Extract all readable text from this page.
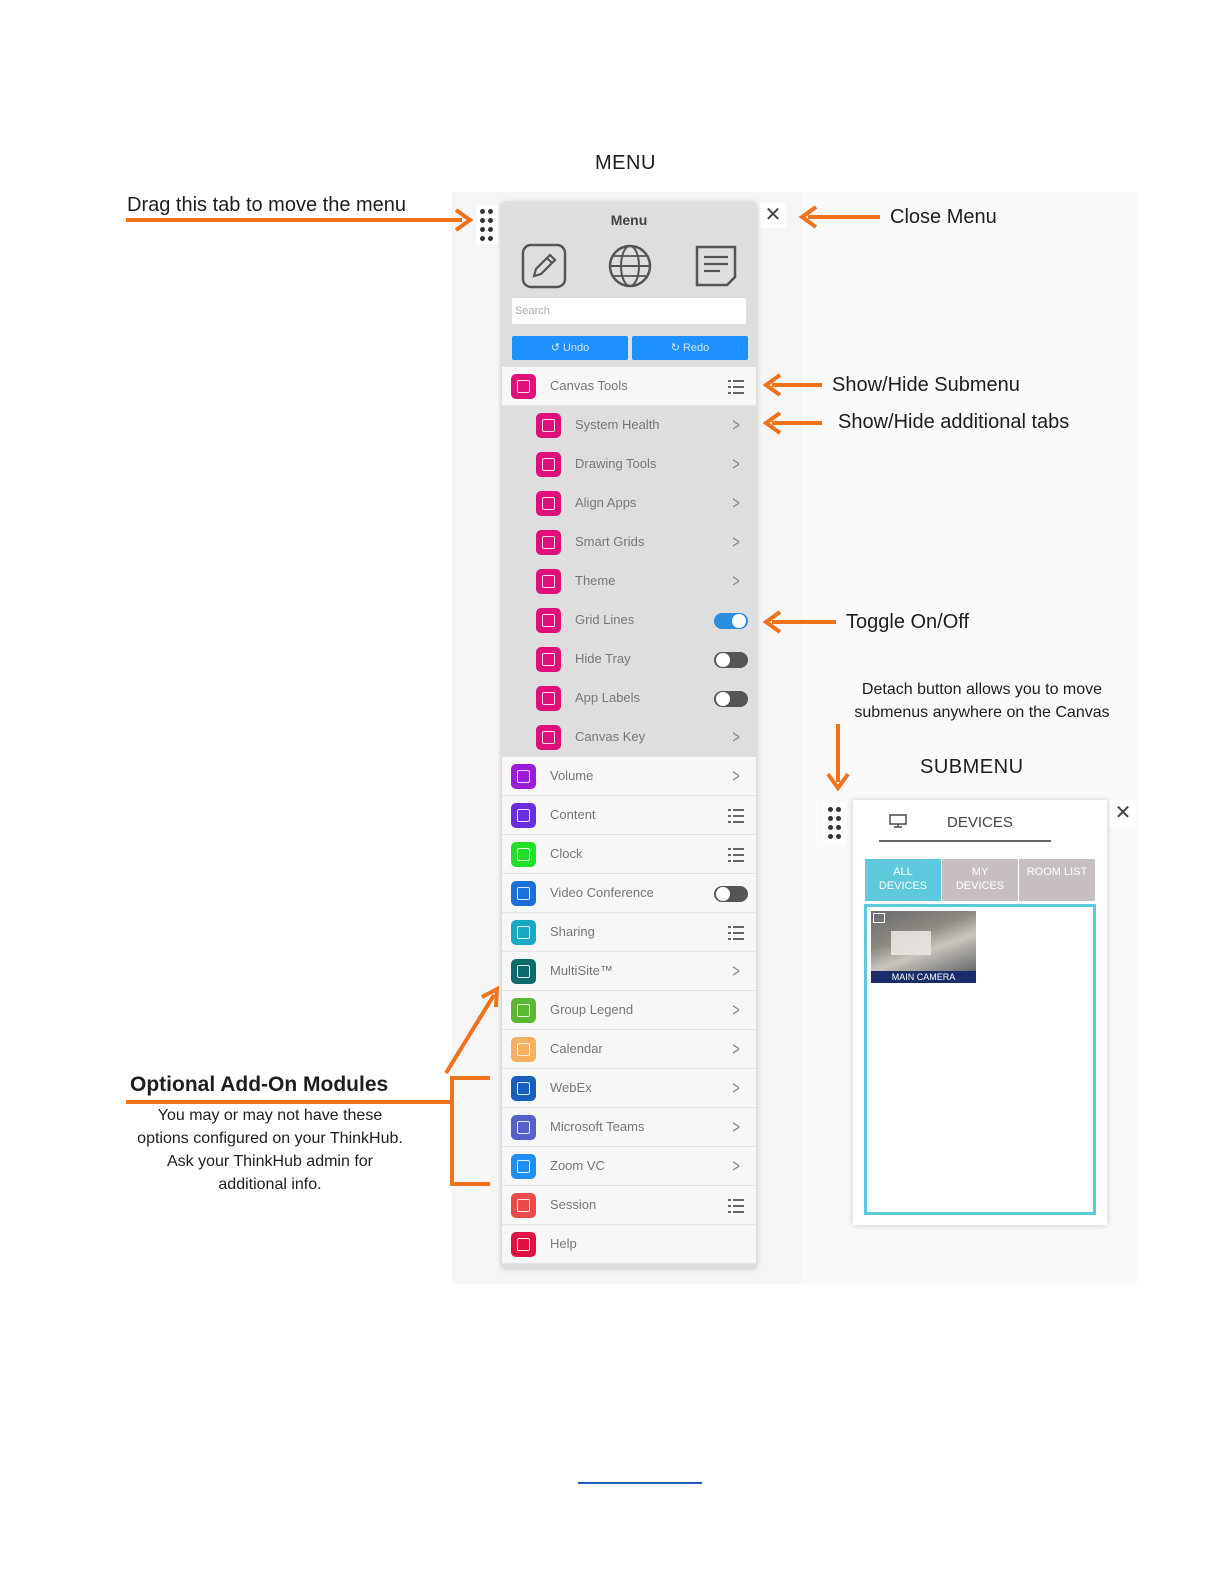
MENU
SUBMENU
Drag this tab to move the menu	✕	Close Menu
Menu
Search
↺ Undo	↻ Redo
Canvas Tools
System Health	>
Drawing Tools	>
Align Apps	>
Smart Grids	>
Theme	>
Grid Lines
Hide Tray
App Labels
Canvas Key	>
Volume	>
Content
Clock
Video Conference
Sharing
MultiSite™	>
Group Legend	>
Calendar	>
WebEx	>
Microsoft Teams	>
Zoom VC	>
Session
Help
Show/Hide Submenu
Show/Hide additional tabs
Toggle On/Off
Detach button allows you to move
submenus anywhere on the Canvas
DEVICES
ALL
DEVICES
MY
DEVICES
ROOM LIST
MAIN CAMERA
✕
Optional Add-On Modules
You may or may not have these
options configured on your ThinkHub.
Ask your ThinkHub admin for
additional info.
